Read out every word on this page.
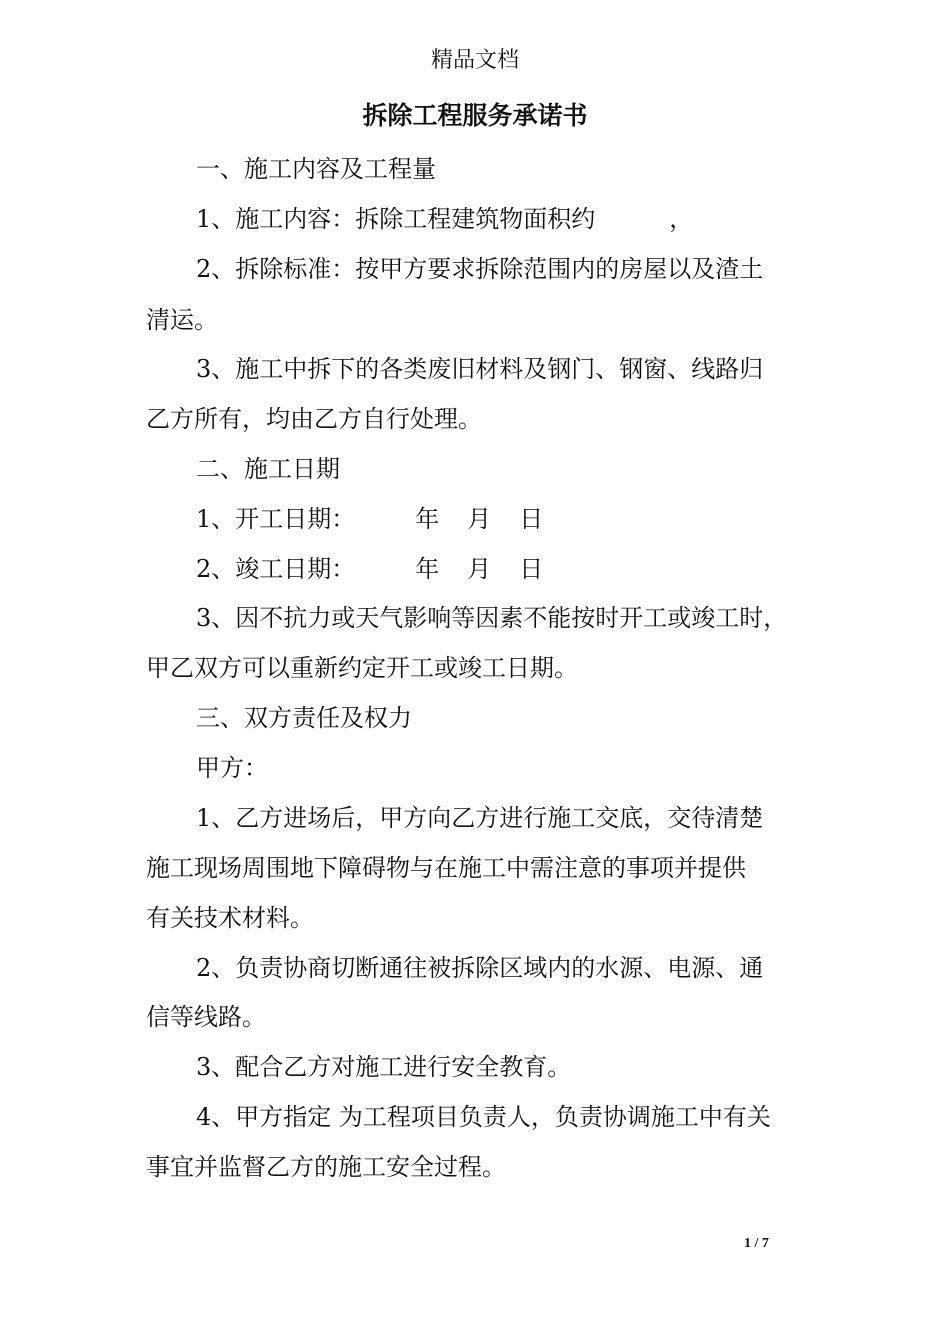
精品文档
拆除工程服务承诺书
一、施工内容及工程量
1、施工内容：拆除工程建筑物面积约	，
2、拆除标准：按甲方要求拆除范围内的房屋以及渣土
清运。
3、施工中拆下的各类废旧材料及钢门、钢窗、线路归
乙方所有，均由乙方自行处理。
二、施工日期
1、开工日期：	年 月 日
2、竣工日期：	年 月 日
3、因不抗力或天气影响等因素不能按时开工或竣工时，
甲乙双方可以重新约定开工或竣工日期。
三、双方责任及权力
甲方：
1、乙方进场后，甲方向乙方进行施工交底，交待清楚
施工现场周围地下障碍物与在施工中需注意的事项并提供
有关技术材料。
2、负责协商切断通往被拆除区域内的水源、电源、通
信等线路。
3、配合乙方对施工进行安全教育。
4、甲方指定 为工程项目负责人，负责协调施工中有关
事宜并监督乙方的施工安全过程。
1 / 7
